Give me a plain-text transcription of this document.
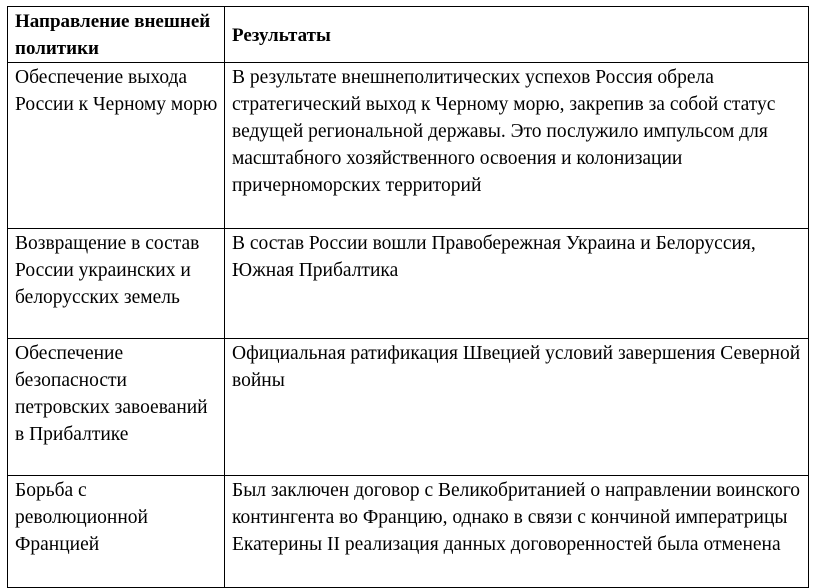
Направление внешней политики	Результаты
Обеспечение выхода России к Черному морю	В результате внешнеполитических успехов Россия обрела стратегический выход к Черному морю, закрепив за собой статус ведущей региональной державы. Это послужило импульсом для масштабного хозяйственного освоения и колонизации причерноморских территорий
Возвращение в состав России украинских и белорусских земель	В состав России вошли Правобережная Украина и Белоруссия, Южная Прибалтика
Обеспечение безопасности петровских завоеваний в Прибалтике	Официальная ратификация Швецией условий завершения Северной войны
Борьба с революционной Францией	Был заключен договор с Великобританией о направлении воинского контингента во Францию, однако в связи с кончиной императрицы Екатерины II реализация данных договоренностей была отменена
